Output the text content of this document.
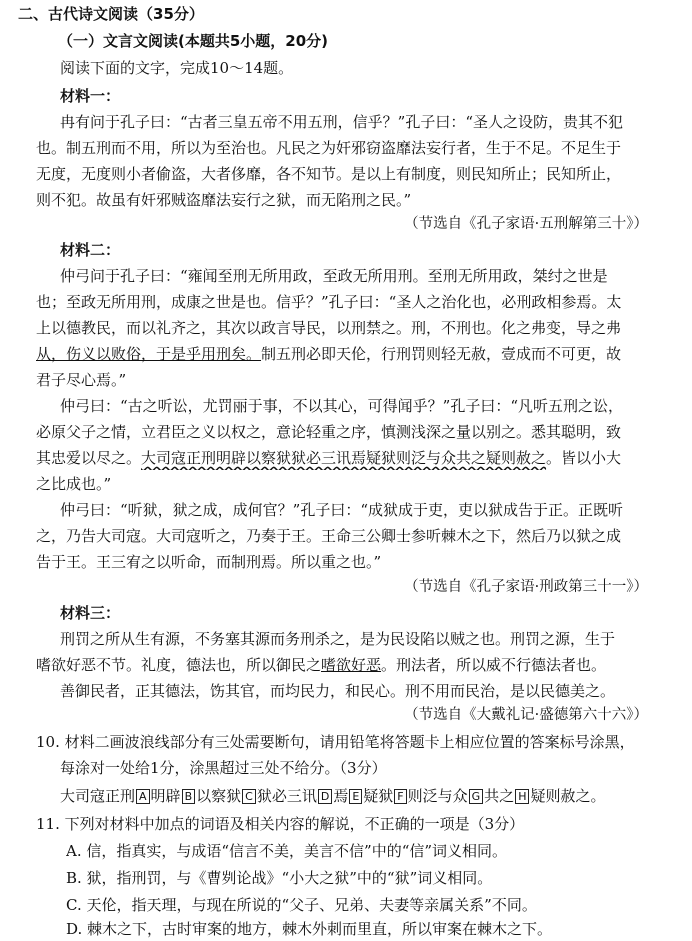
二、古代诗文阅读（35分）
（一）文言文阅读(本题共5小题，20分)
阅读下面的文字，完成10～14题。
材料一：
冉有问于孔子曰：“古者三皇五帝不用五刑，信乎？”孔子曰：“圣人之设防，贵其不犯
也。制五刑而不用，所以为至治也。凡民之为奸邪窃盗靡法妄行者，生于不足。不足生于
无度，无度则小者偷盗，大者侈靡，各不知节。是以上有制度，则民知所止；民知所止，
则不犯。故虽有奸邪贼盗靡法妄行之狱，而无陷刑之民。”
（节选自《孔子家语·五刑解第三十》）
材料二：
仲弓问于孔子曰：“雍闻至刑无所用政，至政无所用刑。至刑无所用政，桀纣之世是
也；至政无所用刑，成康之世是也。信乎？”孔子曰：“圣人之治化也，必刑政相参焉。太
上以德教民，而以礼齐之，其次以政言导民，以刑禁之。刑，不刑也。化之弗变，导之弗
从，伤义以败俗，于是乎用刑矣。制五刑必即天伦，行刑罚则轻无赦，壹成而不可更，故
君子尽心焉。”
仲弓曰：“古之听讼，尤罚丽于事，不以其心，可得闻乎？”孔子曰：“凡听五刑之讼，
必原父子之情，立君臣之义以权之，意论轻重之序，慎测浅深之量以别之。悉其聪明，致
其忠爱以尽之。大司寇正刑明辟以察狱狱必三讯焉疑狱则泛与众共之疑则赦之。皆以小大
之比成也。”
仲弓曰：“听狱，狱之成，成何官？”孔子曰：“成狱成于吏，吏以狱成告于正。正既听
之，乃告大司寇。大司寇听之，乃奏于王。王命三公卿士参听棘木之下，然后乃以狱之成
告于王。王三宥之以听命，而制刑焉。所以重之也。”
（节选自《孔子家语·刑政第三十一》）
材料三：
刑罚之所从生有源，不务塞其源而务刑杀之，是为民设陷以贼之也。刑罚之源，生于
嗜欲好恶不节。礼度，德法也，所以御民之嗜欲好恶。刑法者，所以威不行德法者也。
善御民者，正其德法，饬其官，而均民力，和民心。刑不用而民治，是以民德美之。
（节选自《大戴礼记·盛德第六十六》）
10. 材料二画波浪线部分有三处需要断句，请用铅笔将答题卡上相应位置的答案标号涂黑，
每涂对一处给1分，涂黑超过三处不给分。（3分）
大司寇正刑 A 明辟 B 以察狱 C 狱必三讯 D 焉 E 疑狱 F 则泛与众 G 共之 H 疑则赦之。
11. 下列对材料中加点的词语及相关内容的解说，不正确的一项是（3分）
A. 信，指真实，与成语“信言不美，美言不信”中的“信”词义相同。
B. 狱，指刑罚，与《曹刿论战》“小大之狱”中的“狱”词义相同。
C. 天伦，指天理，与现在所说的“父子、兄弟、夫妻等亲属关系”不同。
D. 棘木之下，古时审案的地方，棘木外刺而里直，所以审案在棘木之下。
